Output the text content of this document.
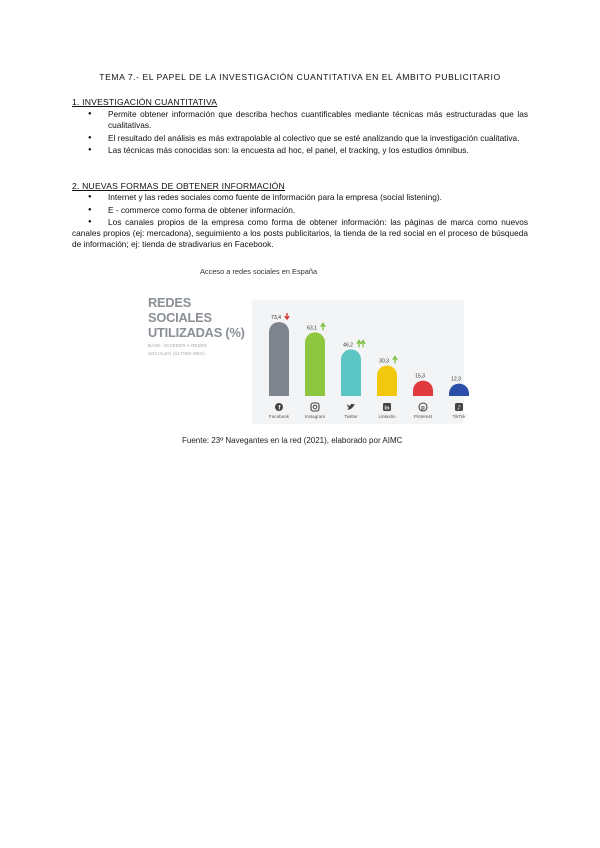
TEMA 7.- EL PAPEL DE LA INVESTIGACIÓN CUANTITATIVA EN EL ÁMBITO PUBLICITARIO
1. INVESTIGACIÓN CUANTITATIVA
● Permite obtener información que describa hechos cuantificables mediante técnicas más estructuradas que las cualitativas.
● El resultado del análisis es más extrapolable al colectivo que se esté analizando que la investigación cualitativa.
● Las técnicas más conocidas son: la encuesta ad hoc, el panel, el tracking, y los estudios ómnibus.
2. NUEVAS FORMAS DE OBTENER INFORMACIÓN
● Internet y las redes sociales como fuente de información para la empresa (social listening).
● E - commerce como forma de obtener información.
● Los canales propios de la empresa como forma de obtener información: las páginas de marca como nuevos canales propios (ej: mercadona), seguimiento a los posts publicitarios, la tienda de la red social en el proceso de búsqueda de información; ej: tienda de stradivarius en Facebook.
Acceso a redes sociales en España
REDES SOCIALES
UTILIZADAS (%)
BASE: ACCEDEN A REDES
SOCIALES (ÚLTIMO MES)
73,4
f
Facebook
63,1
Instagram
46,2
Twitter
30,3
in
Linkedin
15,3
p
Pinterest
12,3
♪
TikTok
Fuente: 23º Navegantes en la red (2021), elaborado por AIMC
